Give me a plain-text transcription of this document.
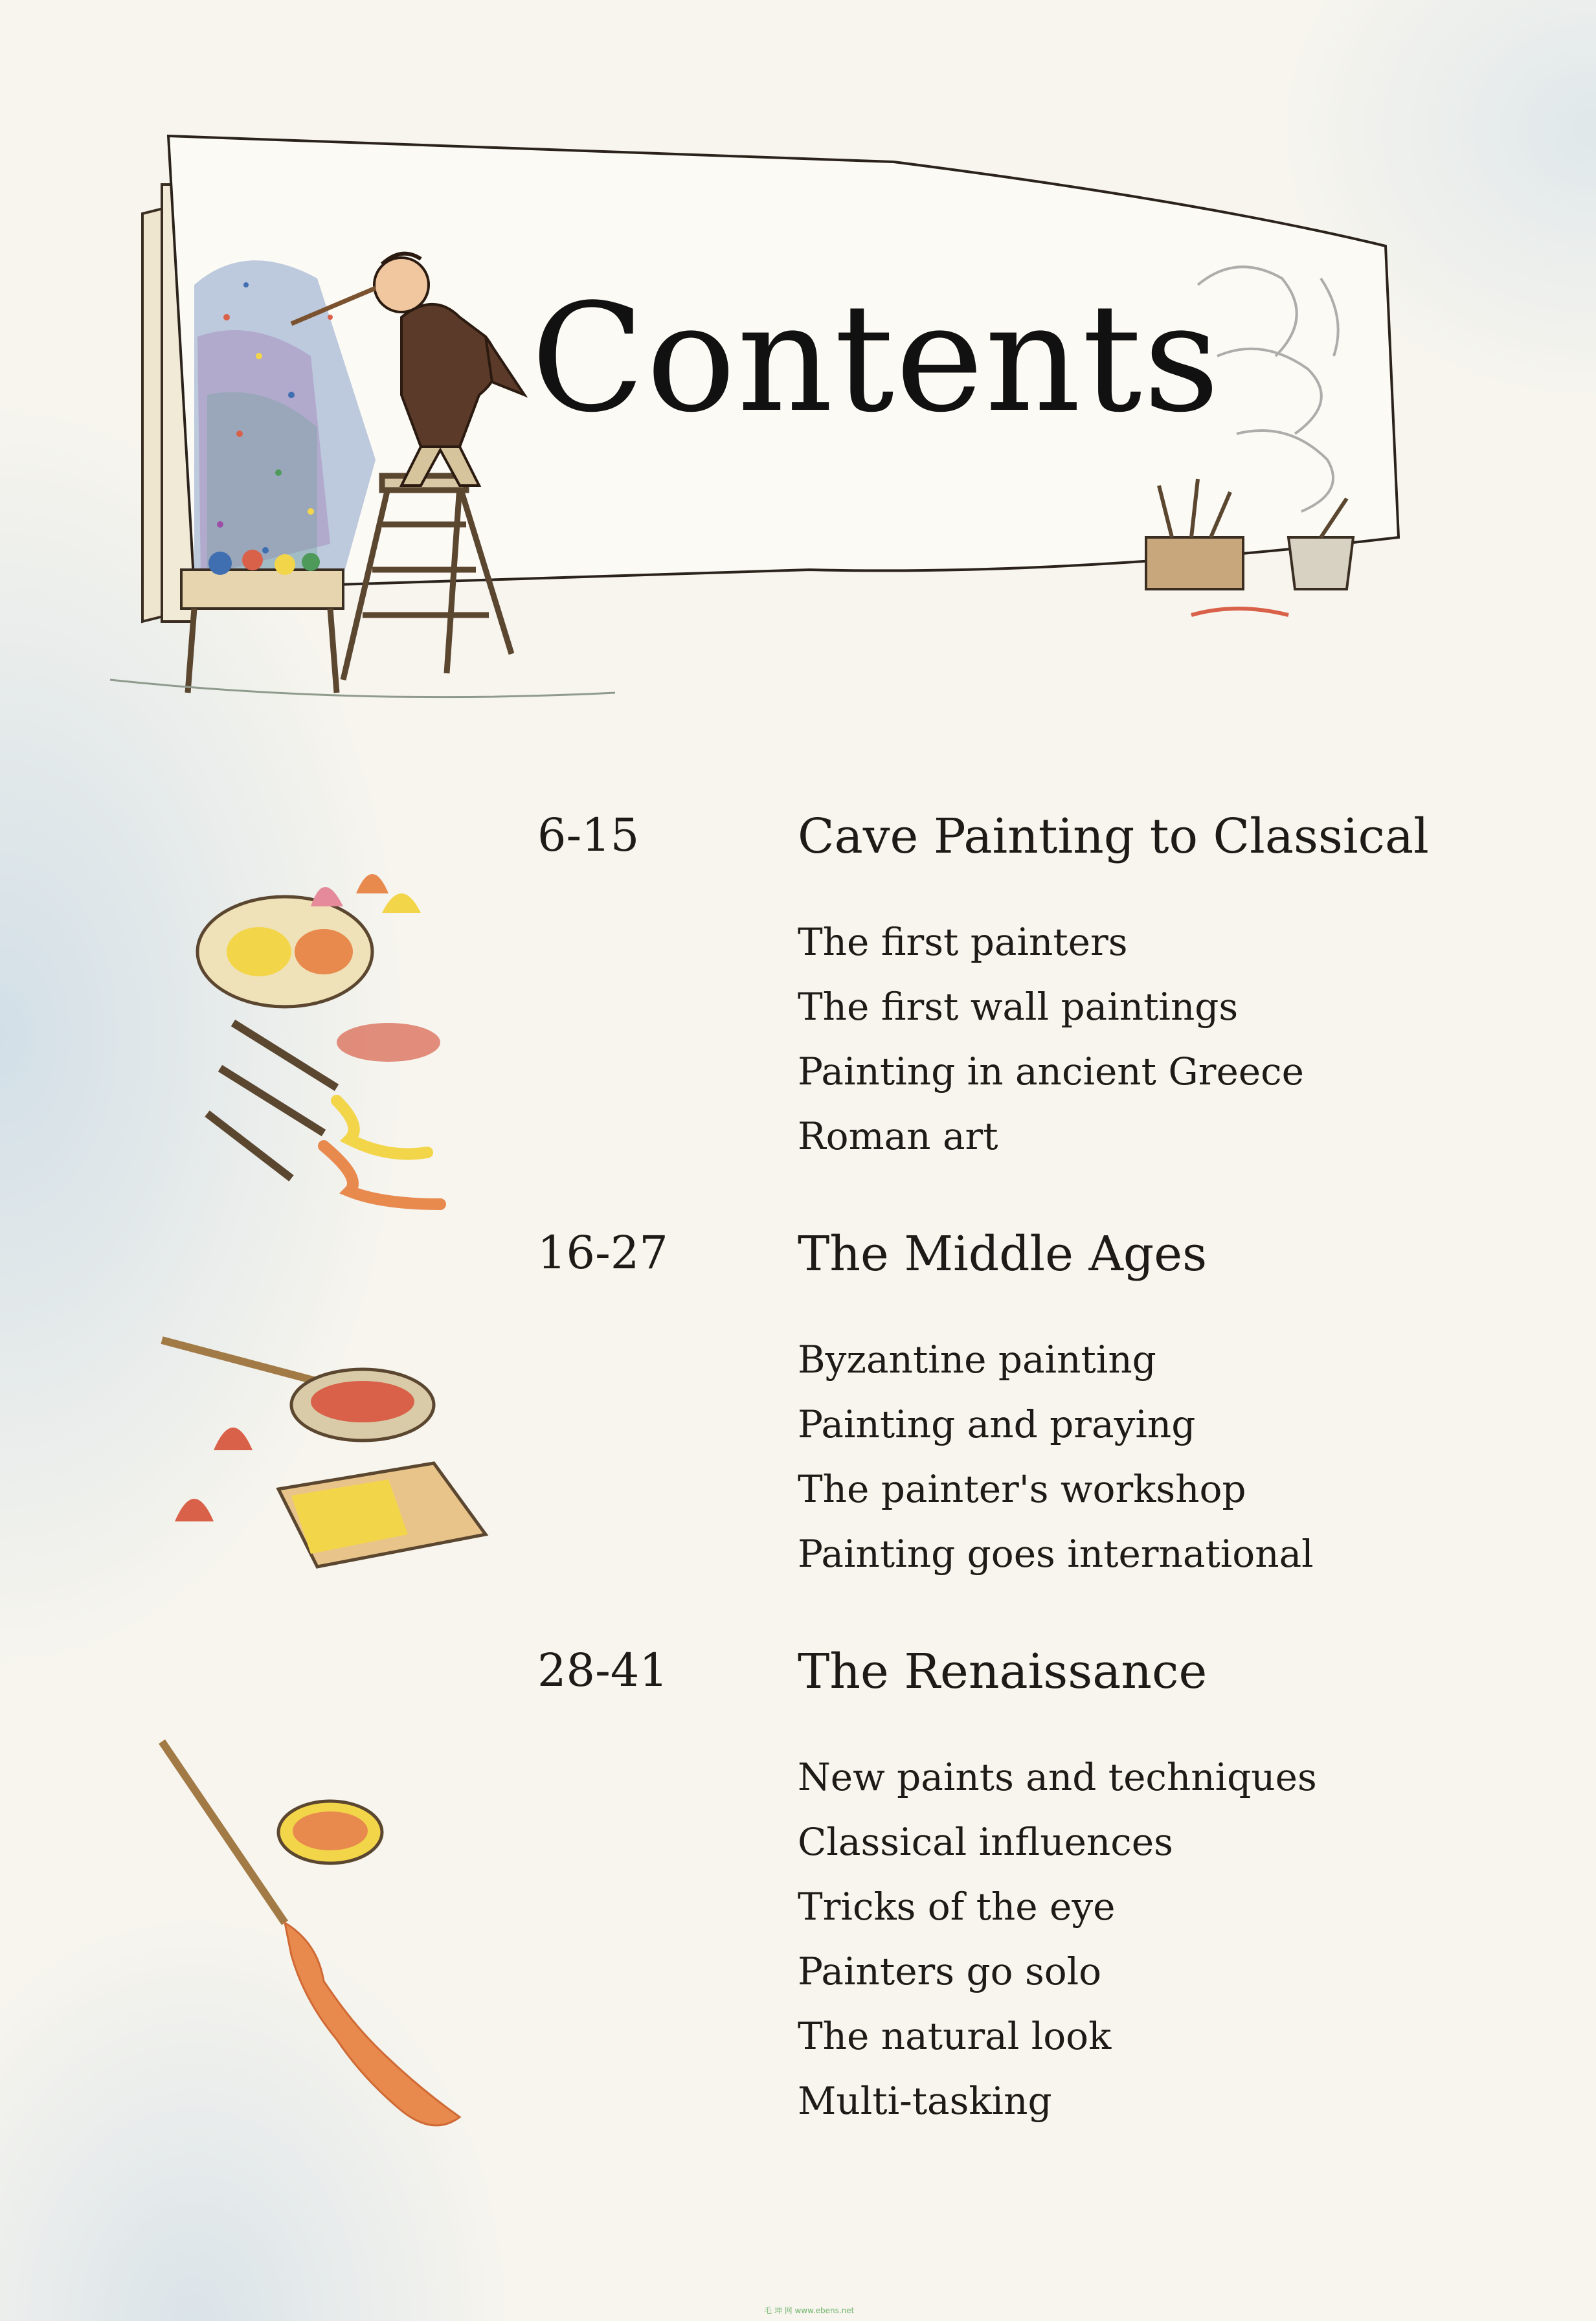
Contents
6-15	Cave Painting to Classical
The first painters
The first wall paintings
Painting in ancient Greece
Roman art
16-27	The Middle Ages
Byzantine painting
Painting and praying
The painter's workshop
Painting goes international
28-41	The Renaissance
New paints and techniques
Classical influences
Tricks of the eye
Painters go solo
The natural look
Multi-tasking
毛 坤 网 www.ebens.net
